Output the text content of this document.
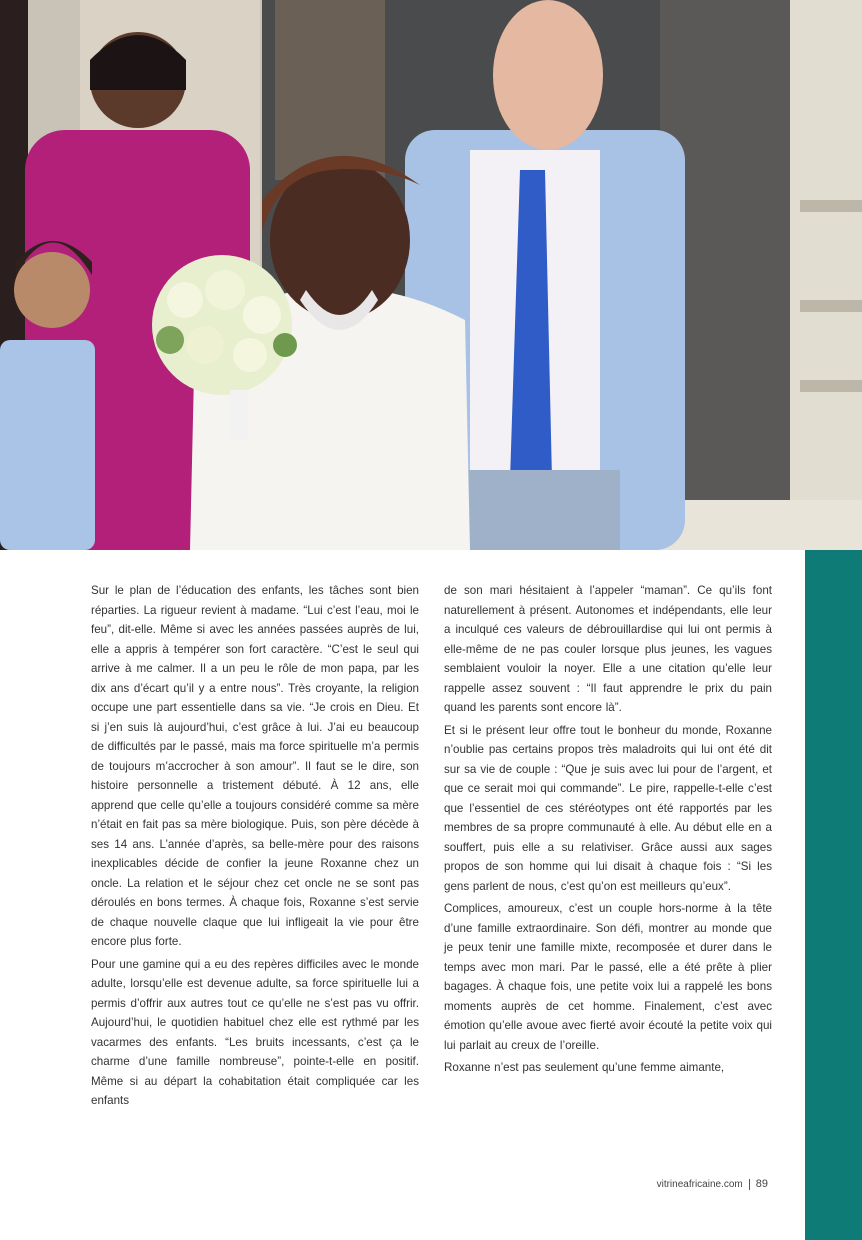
Sur le plan de l’éducation des enfants, les tâches sont bien réparties. La rigueur revient à madame. “Lui c’est l’eau, moi le feu”, dit-elle. Même si avec les années passées auprès de lui, elle a appris à tempérer son fort caractère. “C’est le seul qui arrive à me calmer. Il a un peu le rôle de mon papa, par les dix ans d’écart qu’il y a entre nous”. Très croyante, la religion occupe une part essentielle dans sa vie. “Je crois en Dieu. Et si j’en suis là aujourd’hui, c’est grâce à lui. J’ai eu beaucoup de difficultés par le passé, mais ma force spirituelle m’a permis de toujours m’accrocher à son amour”. Il faut se le dire, son histoire personnelle a tristement débuté. À 12 ans, elle apprend que celle qu’elle a toujours considéré comme sa mère n’était en fait pas sa mère biologique. Puis, son père décède à ses 14 ans. L’année d’après, sa belle-mère pour des raisons inexplicables décide de confier la jeune Roxanne chez un oncle. La relation et le séjour chez cet oncle ne se sont pas déroulés en bons termes. À chaque fois, Roxanne s’est servie de chaque nouvelle claque que lui infligeait la vie pour être encore plus forte.

Pour une gamine qui a eu des repères difficiles avec le monde adulte, lorsqu’elle est devenue adulte, sa force spirituelle lui a permis d’offrir aux autres tout ce qu’elle ne s’est pas vu offrir. Aujourd’hui, le quotidien habituel chez elle est rythmé par les vacarmes des enfants. “Les bruits incessants, c’est ça le charme d’une famille nombreuse”, pointe-t-elle en positif. Même si au départ la cohabitation était compliquée car les enfants

de son mari hésitaient à l’appeler “maman”. Ce qu’ils font naturellement à présent. Autonomes et indépendants, elle leur a inculqué ces valeurs de débrouillardise qui lui ont permis à elle-même de ne pas couler lorsque plus jeunes, les vagues semblaient vouloir la noyer. Elle a une citation qu’elle leur rappelle assez souvent : “Il faut apprendre le prix du pain quand les parents sont encore là”.

Et si le présent leur offre tout le bonheur du monde, Roxanne n’oublie pas certains propos très maladroits qui lui ont été dit sur sa vie de couple : “Que je suis avec lui pour de l’argent, et que ce serait moi qui commande”. Le pire, rappelle-t-elle c’est que l’essentiel de ces stéréotypes ont été rapportés par les membres de sa propre communauté à elle. Au début elle en a souffert, puis elle a su relativiser. Grâce aussi aux sages propos de son homme qui lui disait à chaque fois : “Si les gens parlent de nous, c’est qu’on est meilleurs qu’eux”.

Complices, amoureux, c’est un couple hors-norme à la tête d’une famille extraordinaire. Son défi, montrer au monde que je peux tenir une famille mixte, recomposée et durer dans le temps avec mon mari. Par le passé, elle a été prête à plier bagages. À chaque fois, une petite voix lui a rappelé les bons moments auprès de cet homme. Finalement, c’est avec émotion qu’elle avoue avec fierté avoir écouté la petite voix qui lui parlait au creux de l’oreille.

Roxanne n’est pas seulement qu’une femme aimante,

vitrineafricaine.com 89
